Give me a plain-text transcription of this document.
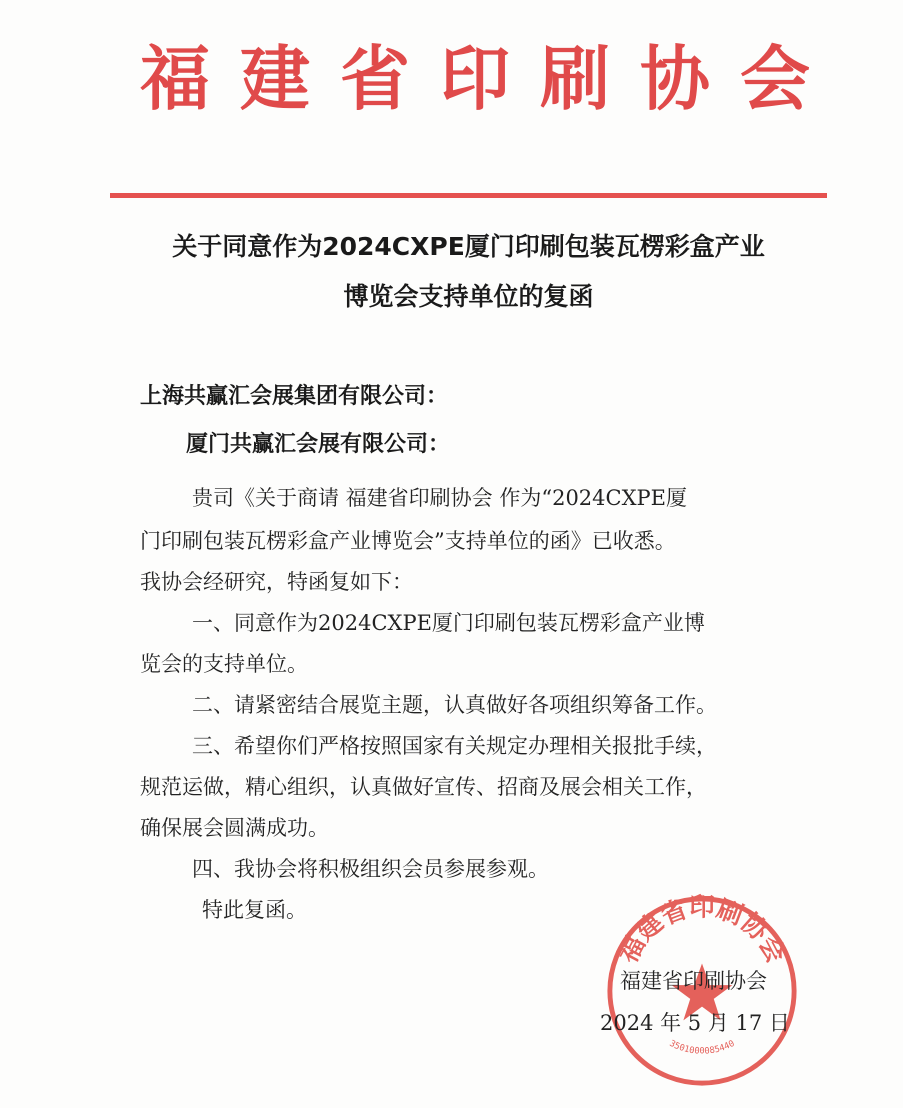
福 建 省 印 刷 协 会
关于同意作为2024CXPE厦门印刷包装瓦楞彩盒产业
博览会支持单位的复函
上海共赢汇会展集团有限公司：
厦门共赢汇会展有限公司：
贵司《关于商请 福建省印刷协会 作为“2024CXPE厦
门印刷包装瓦楞彩盒产业博览会”支持单位的函》已收悉。
我协会经研究，特函复如下：
一、同意作为2024CXPE厦门印刷包装瓦楞彩盒产业博
览会的支持单位。
二、请紧密结合展览主题，认真做好各项组织筹备工作。
三、希望你们严格按照国家有关规定办理相关报批手续，
规范运做，精心组织，认真做好宣传、招商及展会相关工作，
确保展会圆满成功。
四、我协会将积极组织会员参展参观。
特此复函。
福建省印刷协会
3501000085440
福建省印刷协会
2024 年 5 月 17 日
